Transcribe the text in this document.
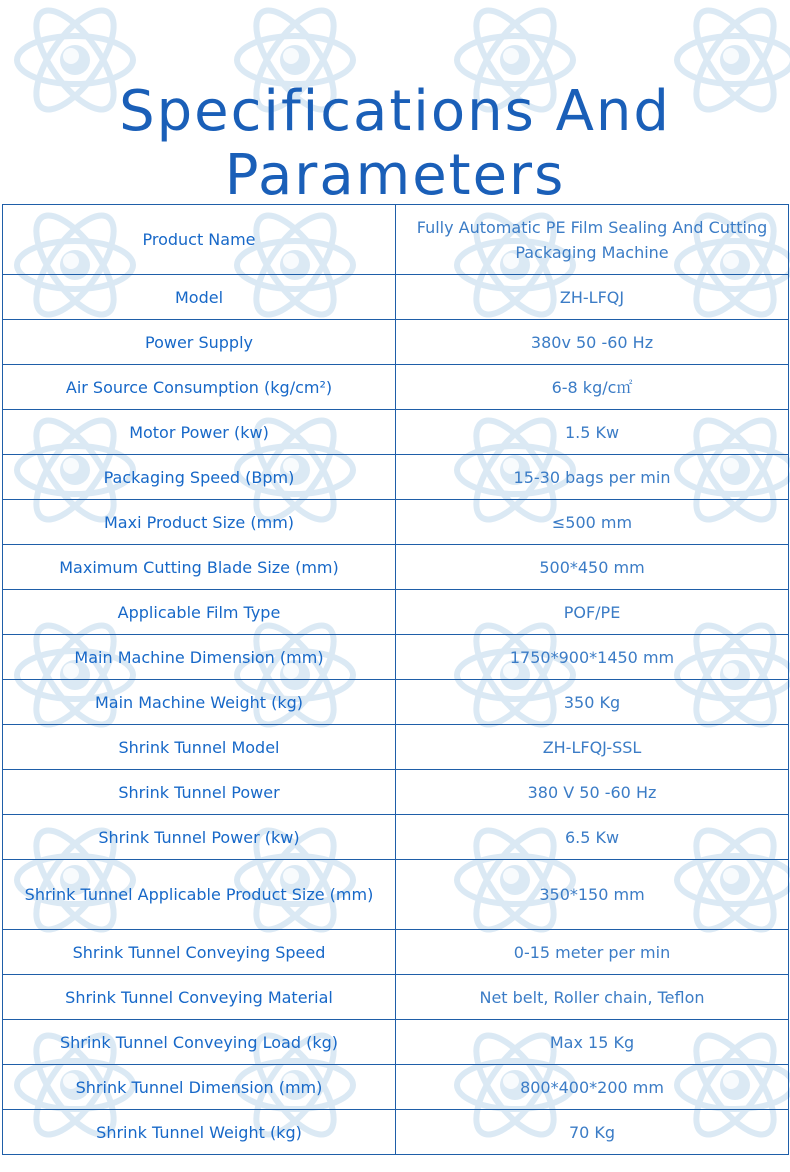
Specifications And
Parameters
Product Name	Fully Automatic PE Film Sealing And Cutting Packaging Machine
Model	ZH-LFQJ
Power Supply	380v 50 -60 Hz
Air Source Consumption (kg/cm²)	6-8 kg/c㎡
Motor Power (kw)	1.5 Kw
Packaging Speed (Bpm)	15-30 bags per min
Maxi Product Size (mm)	≤500 mm
Maximum Cutting Blade Size (mm)	500*450 mm
Applicable Film Type	POF/PE
Main Machine Dimension (mm)	1750*900*1450 mm
Main Machine Weight (kg)	350 Kg
Shrink Tunnel Model	ZH-LFQJ-SSL
Shrink Tunnel Power	380 V 50 -60 Hz
Shrink Tunnel Power (kw)	6.5 Kw
Shrink Tunnel Applicable Product Size (mm)	350*150 mm
Shrink Tunnel Conveying Speed	0-15 meter per min
Shrink Tunnel Conveying Material	Net belt, Roller chain, Teflon
Shrink Tunnel Conveying Load (kg)	Max 15 Kg
Shrink Tunnel Dimension (mm)	800*400*200 mm
Shrink Tunnel Weight (kg)	70 Kg
